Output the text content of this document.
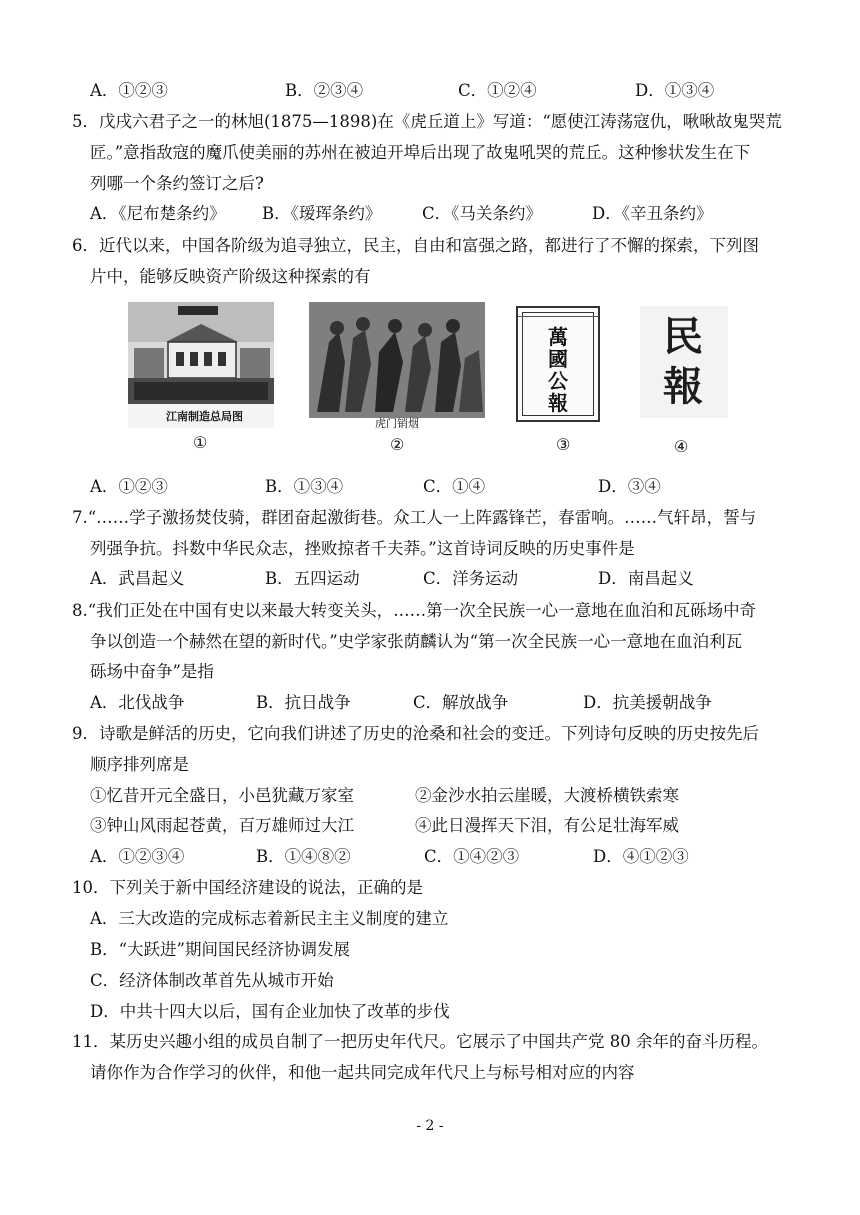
A．①②③	B．②③④	C．①②④	D．①③④
5．戊戌六君子之一的林旭(1875—1898)在《虎丘道上》写道：“愿使江涛荡寇仇，啾啾故鬼哭荒
匠。”意指敌寇的魔爪使美丽的苏州在被迫开埠后出现了故鬼吼哭的荒丘。这种惨状发生在下
列哪一个条约签订之后?
A．《尼布楚条约》 B．《瑷珲条约》 C．《马关条约》	D．《辛丑条约》
6．近代以来，中国各阶级为追寻独立，民主，自由和富强之路，都进行了不懈的探索，下列图
片中，能够反映资产阶级这种探索的有
江南制造总局图
①
虎门销烟
②
萬國公報
③
民報
④
A．①②③	B．①③④	C．①④	D．③④
7.“……学子激扬焚伎骑，群团奋起激街巷。众工人一上阵露锋芒，春雷响。……气轩昂，誓与
列强争抗。抖数中华民众志，挫败掠者千夫莽。”这首诗词反映的历史事件是
A．武昌起义	B．五四运动	C．洋务运动	D．南昌起义
8.“我们正处在中国有史以来最大转变关头，……第一次全民族一心一意地在血泊和瓦砾场中奇
争以创造一个赫然在望的新时代。”史学家张荫麟认为“第一次全民族一心一意地在血泊利瓦
砾场中奋争”是指
A．北伐战争	B．抗日战争	C．解放战争	D．抗美援朝战争
9．诗歌是鲜活的历史，它向我们讲述了历史的沧桑和社会的变迁。下列诗句反映的历史按先后
顺序排列席是
①忆昔开元全盛日，小邑犹藏万家室	②金沙水拍云崖暖，大渡桥横铁索寒
③钟山风雨起苍黄，百万雄师过大江	④此日漫挥天下泪，有公足壮海军威
A．①②③④	B．①④⑧②	C．①④②③	D．④①②③
10．下列关于新中国经济建设的说法，正确的是
A．三大改造的完成标志着新民主主义制度的建立
B．“大跃进”期间国民经济协调发展
C．经济体制改革首先从城市开始
D．中共十四大以后，国有企业加快了改革的步伐
11．某历史兴趣小组的成员自制了一把历史年代尺。它展示了中国共产党 80 余年的奋斗历程。
请你作为合作学习的伙伴，和他一起共同完成年代尺上与标号相对应的内容
- 2 -
